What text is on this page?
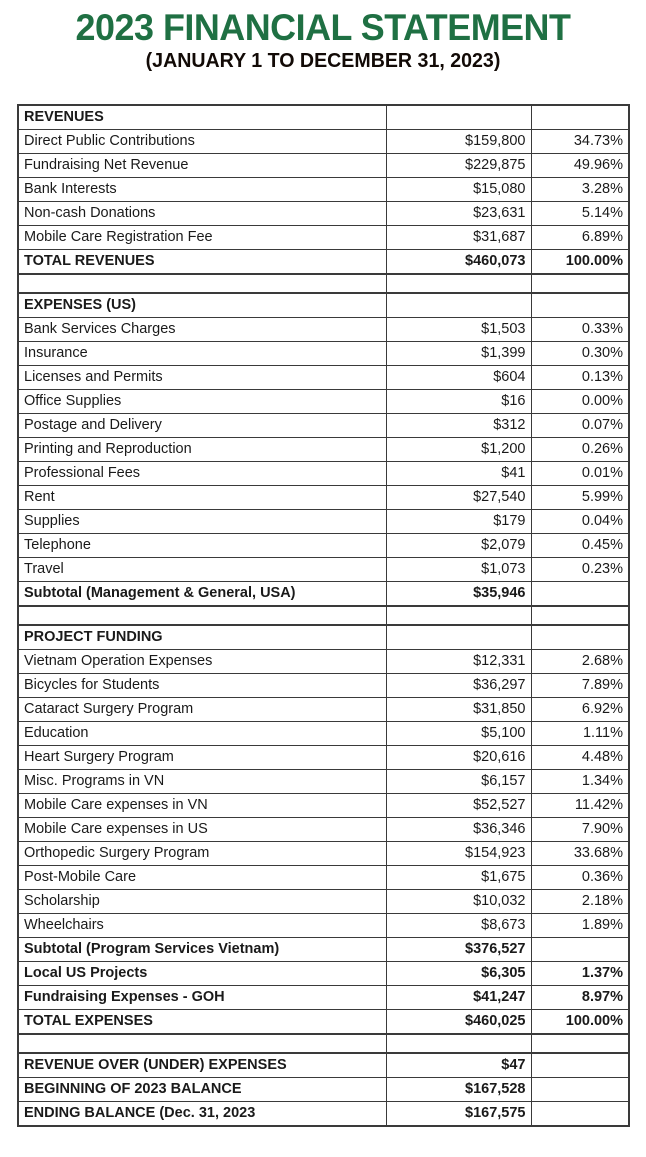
2023 FINANCIAL STATEMENT
(JANUARY 1 TO DECEMBER 31, 2023)
REVENUES		
Direct Public Contributions	$159,800	34.73%
Fundraising Net Revenue	$229,875	49.96%
Bank Interests	$15,080	3.28%
Non-cash Donations	$23,631	5.14%
Mobile Care Registration Fee	$31,687	6.89%
TOTAL REVENUES	$460,073	100.00%

EXPENSES (US)		
Bank Services Charges	$1,503	0.33%
Insurance	$1,399	0.30%
Licenses and Permits	$604	0.13%
Office Supplies	$16	0.00%
Postage and Delivery	$312	0.07%
Printing and Reproduction	$1,200	0.26%
Professional Fees	$41	0.01%
Rent	$27,540	5.99%
Supplies	$179	0.04%
Telephone	$2,079	0.45%
Travel	$1,073	0.23%
Subtotal (Management & General, USA)	$35,946	

PROJECT FUNDING		
Vietnam Operation Expenses	$12,331	2.68%
Bicycles for Students	$36,297	7.89%
Cataract Surgery Program	$31,850	6.92%
Education	$5,100	1.11%
Heart Surgery Program	$20,616	4.48%
Misc. Programs in VN	$6,157	1.34%
Mobile Care expenses in VN	$52,527	11.42%
Mobile Care expenses in US	$36,346	7.90%
Orthopedic Surgery Program	$154,923	33.68%
Post-Mobile Care	$1,675	0.36%
Scholarship	$10,032	2.18%
Wheelchairs	$8,673	1.89%
Subtotal (Program Services Vietnam)	$376,527	
Local US Projects	$6,305	1.37%
Fundraising Expenses - GOH	$41,247	8.97%
TOTAL EXPENSES	$460,025	100.00%

REVENUE OVER (UNDER) EXPENSES	$47	
BEGINNING OF 2023 BALANCE	$167,528	
ENDING BALANCE (Dec. 31, 2023	$167,575	
